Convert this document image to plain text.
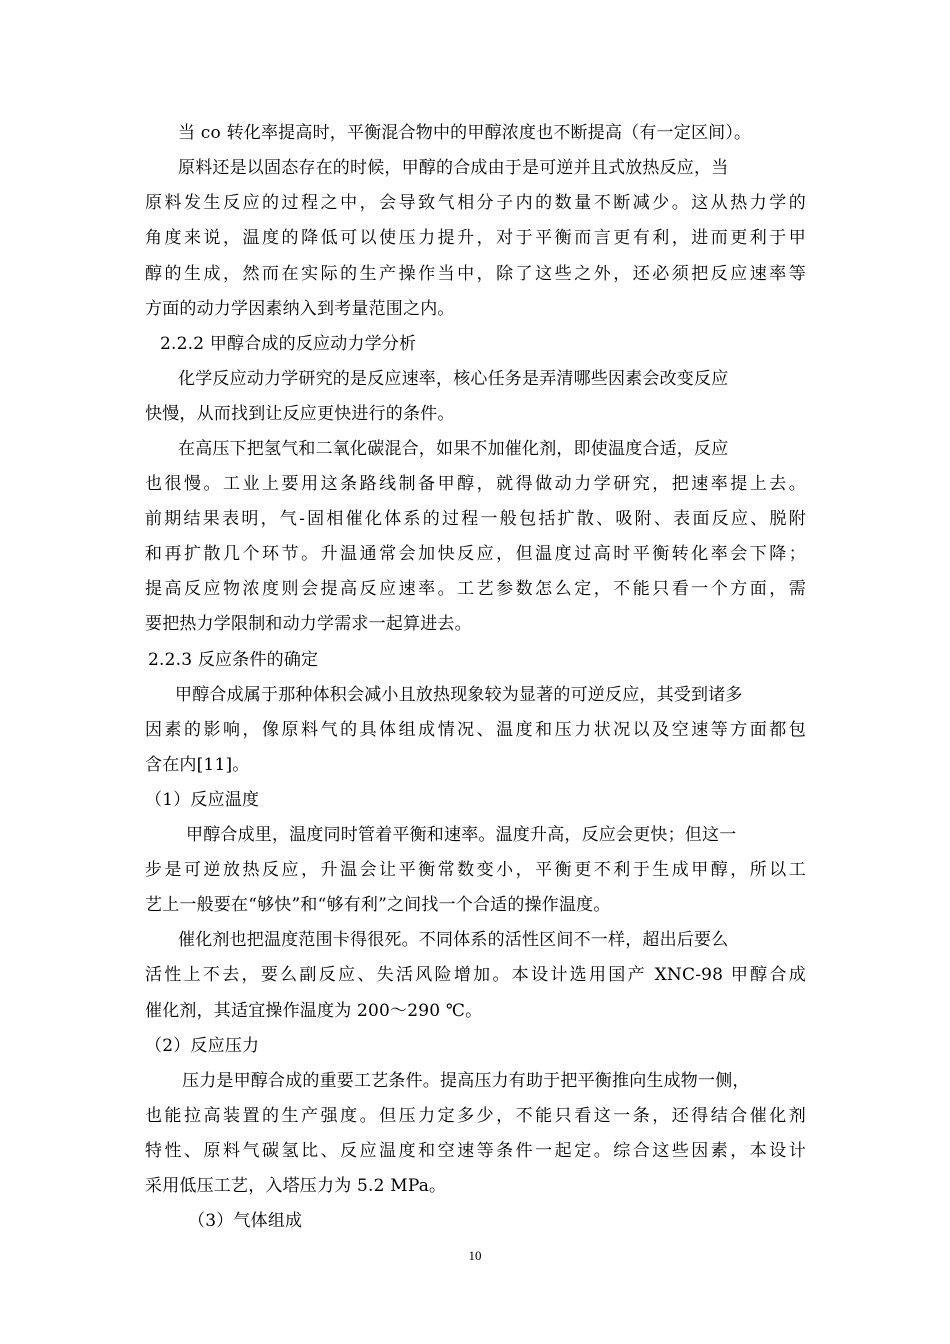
当 co 转化率提高时，平衡混合物中的甲醇浓度也不断提高（有一定区间）。
原料还是以固态存在的时候，甲醇的合成由于是可逆并且式放热反应，当
原料发生反应的过程之中，会导致气相分子内的数量不断减少。这从热力学的
角度来说，温度的降低可以使压力提升，对于平衡而言更有利，进而更利于甲
醇的生成，然而在实际的生产操作当中，除了这些之外，还必须把反应速率等
方面的动力学因素纳入到考量范围之内。
2.2.2 甲醇合成的反应动力学分析
化学反应动力学研究的是反应速率，核心任务是弄清哪些因素会改变反应
快慢，从而找到让反应更快进行的条件。
在高压下把氢气和二氧化碳混合，如果不加催化剂，即使温度合适，反应
也很慢。工业上要用这条路线制备甲醇，就得做动力学研究，把速率提上去。
前期结果表明，气-固相催化体系的过程一般包括扩散、吸附、表面反应、脱附
和再扩散几个环节。升温通常会加快反应，但温度过高时平衡转化率会下降；
提高反应物浓度则会提高反应速率。工艺参数怎么定，不能只看一个方面，需
要把热力学限制和动力学需求一起算进去。
2.2.3 反应条件的确定
甲醇合成属于那种体积会减小且放热现象较为显著的可逆反应，其受到诸多
因素的影响，像原料气的具体组成情况、温度和压力状况以及空速等方面都包
含在内[11]。
（1）反应温度
甲醇合成里，温度同时管着平衡和速率。温度升高，反应会更快；但这一
步是可逆放热反应，升温会让平衡常数变小，平衡更不利于生成甲醇，所以工
艺上一般要在“够快”和“够有利”之间找一个合适的操作温度。
催化剂也把温度范围卡得很死。不同体系的活性区间不一样，超出后要么
活性上不去，要么副反应、失活风险增加。本设计选用国产 XNC-98 甲醇合成
催化剂，其适宜操作温度为 200～290 ℃。
（2）反应压力
压力是甲醇合成的重要工艺条件。提高压力有助于把平衡推向生成物一侧，
也能拉高装置的生产强度。但压力定多少，不能只看这一条，还得结合催化剂
特性、原料气碳氢比、反应温度和空速等条件一起定。综合这些因素，本设计
采用低压工艺，入塔压力为 5.2 MPa。
（3）气体组成
10
